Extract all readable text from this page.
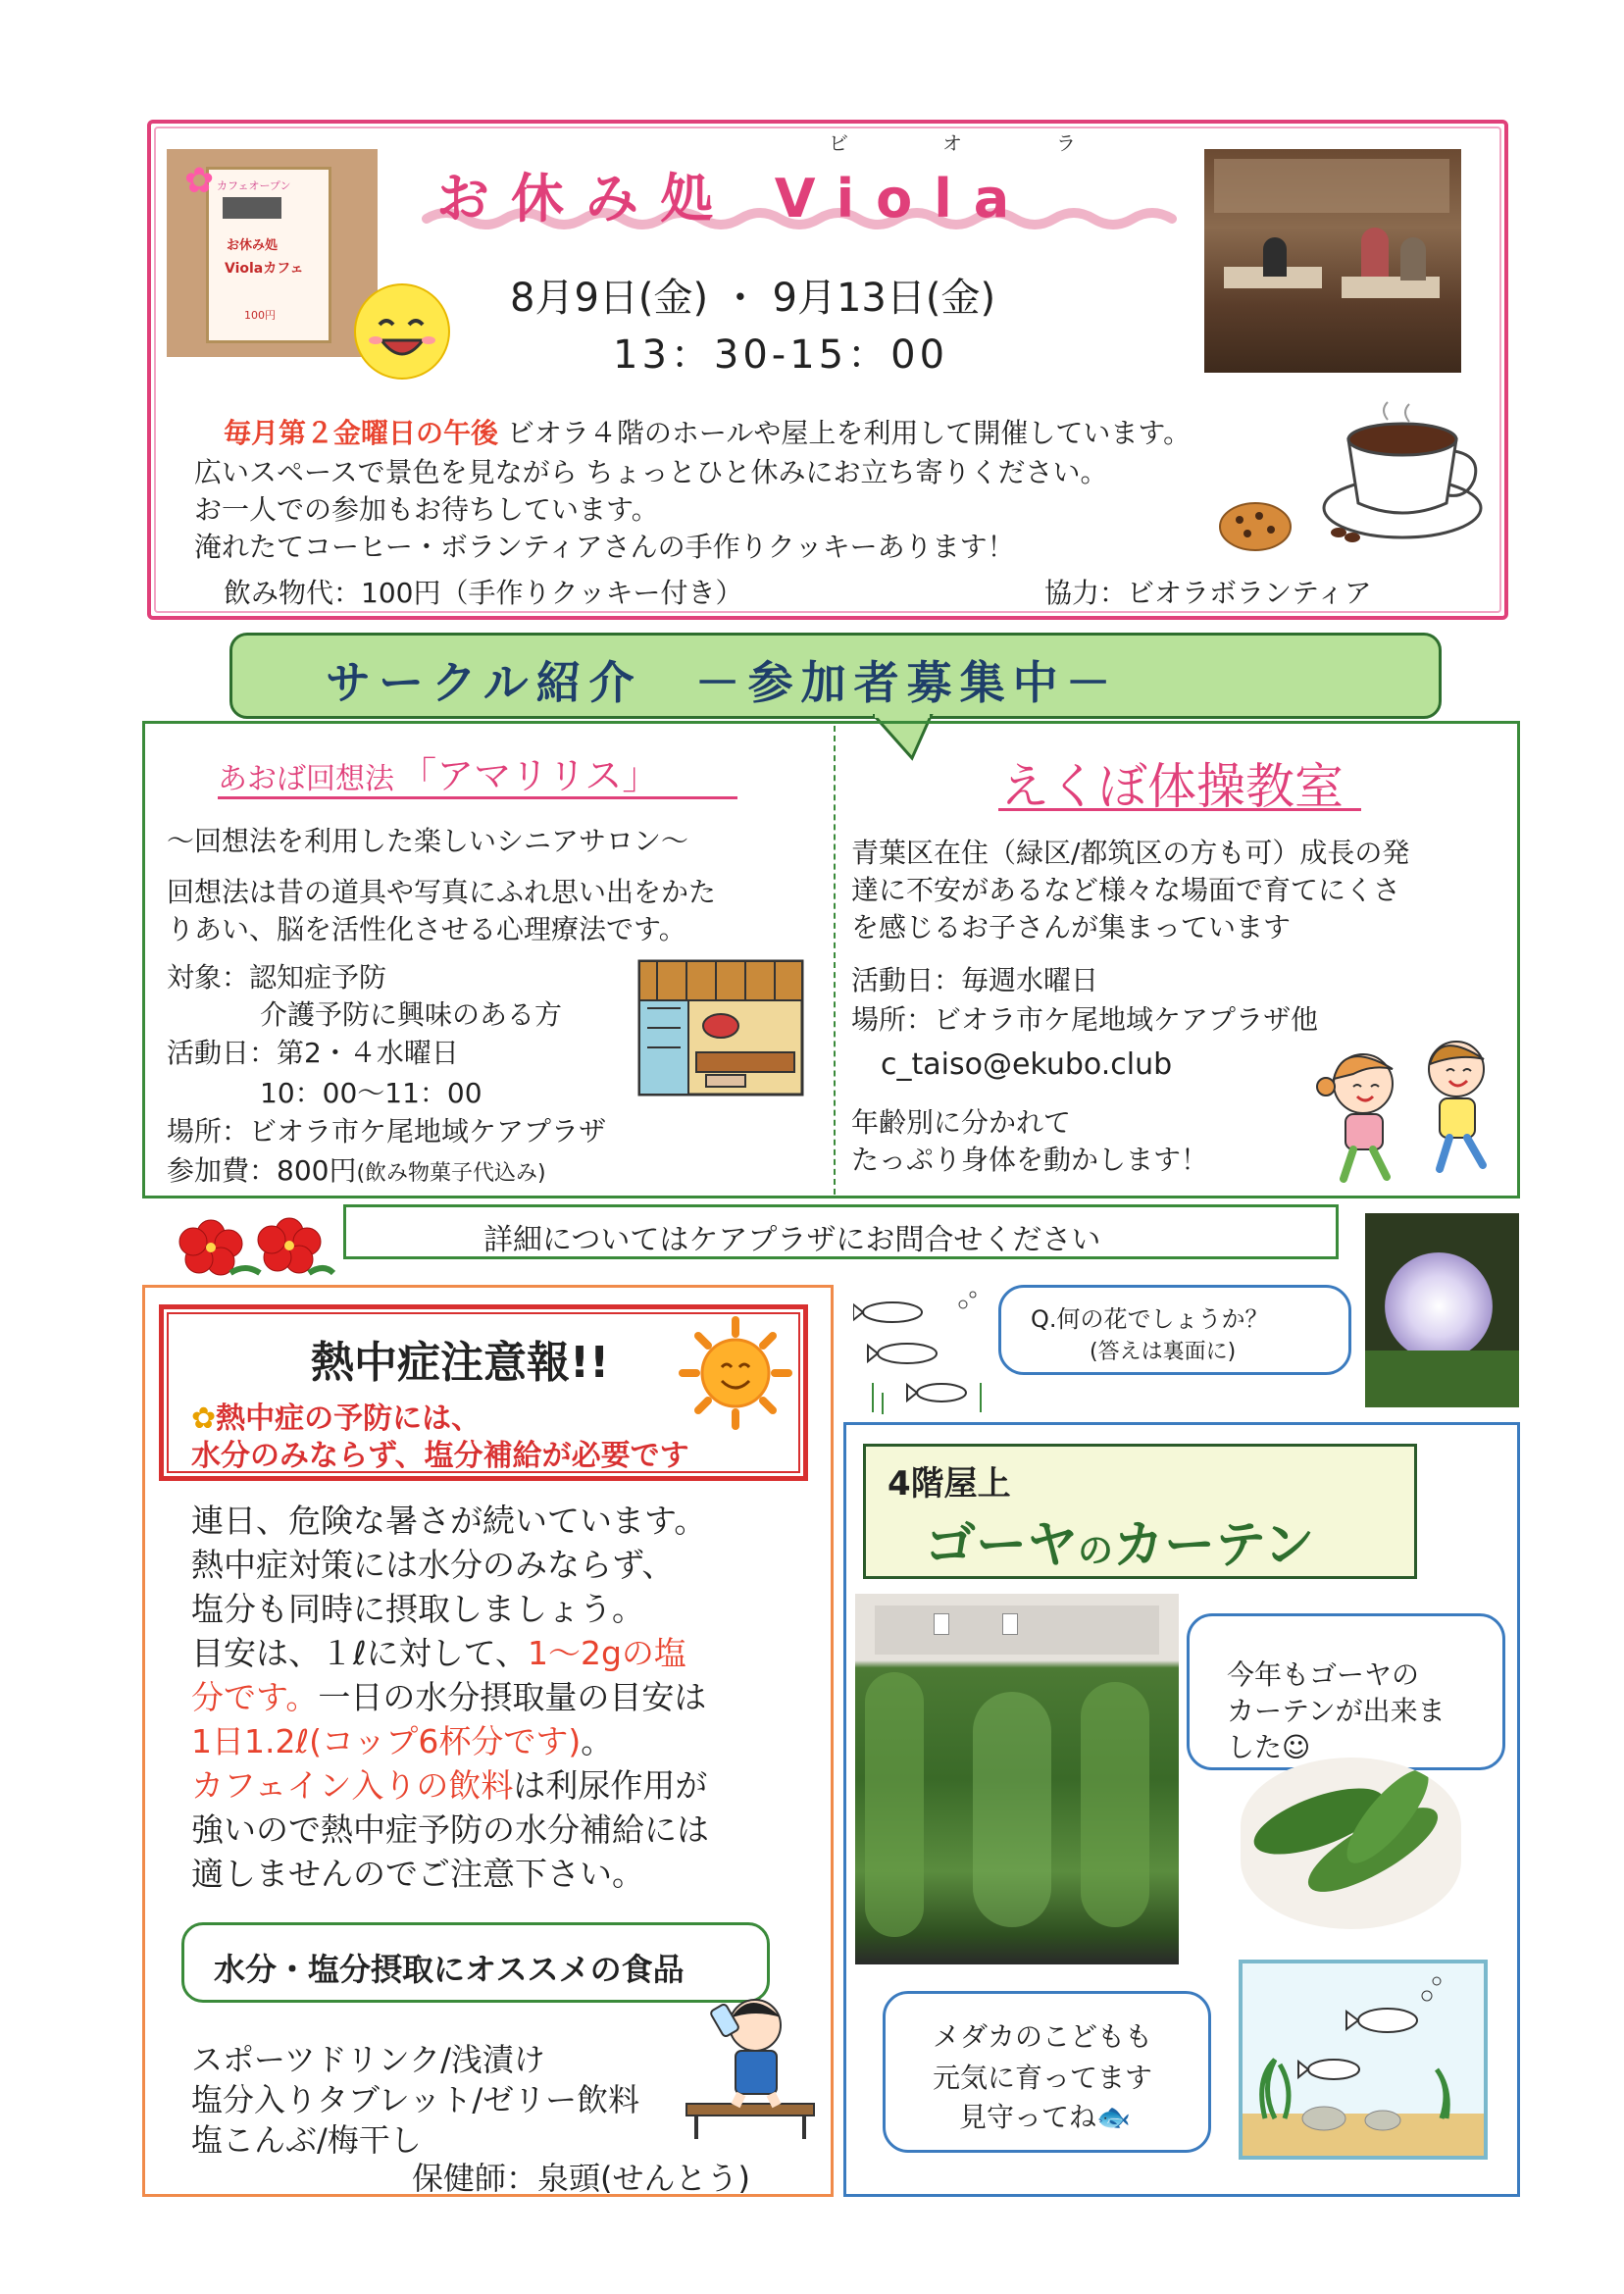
カフェオープン
お休み処
Violaカフェ
100円
✿
ビ　オ　ラ
お休み処 Viola
8月9日(金) ・ 9月13日(金)
13：30-15：00
毎月第２金曜日の午後 ビオラ４階のホールや屋上を利用して開催しています。
広いスペースで景色を見ながら ちょっとひと休みにお立ち寄りください。
お一人での参加もお待ちしています。
淹れたてコーヒー・ボランティアさんの手作りクッキーあります！
飲み物代：100円（手作りクッキー付き）	協力：ビオラボランティア
サークル紹介　－参加者募集中－
あおば回想法 「アマリリス」
～回想法を利用した楽しいシニアサロン～
回想法は昔の道具や写真にふれ思い出をかた
りあい、脳を活性化させる心理療法です。
対象：認知症予防
介護予防に興味のある方
活動日：第2・４水曜日
10：00～11：00
場所：ビオラ市ケ尾地域ケアプラザ
参加費：800円(飲み物菓子代込み)
えくぼ体操教室
青葉区在住（緑区/都筑区の方も可）成長の発
達に不安があるなど様々な場面で育てにくさ
を感じるお子さんが集まっています
活動日：毎週水曜日
場所：ビオラ市ケ尾地域ケアプラザ他
c_taiso@ekubo.club
年齢別に分かれて
たっぷり身体を動かします！
詳細についてはケアプラザにお問合せください
熱中症注意報!!
✿熱中症の予防には、
水分のみならず、塩分補給が必要です
連日、危険な暑さが続いています。
熱中症対策には水分のみならず、
塩分も同時に摂取しましょう。
目安は、１ℓに対して、1～2gの塩
分です。一日の水分摂取量の目安は
1日1.2ℓ(コップ6杯分です)。
カフェイン入りの飲料は利尿作用が
強いので熱中症予防の水分補給には
適しませんのでご注意下さい。
水分・塩分摂取にオススメの食品
スポーツドリンク/浅漬け
塩分入りタブレット/ゼリー飲料
塩こんぶ/梅干し
保健師：泉頭(せんとう)
Q.何の花でしょうか？
(答えは裏面に)
4階屋上
ゴーヤのカーテン
今年もゴーヤの
カーテンが出来ま
した☺
メダカのこどもも
元気に育ってます
見守ってね🐟
